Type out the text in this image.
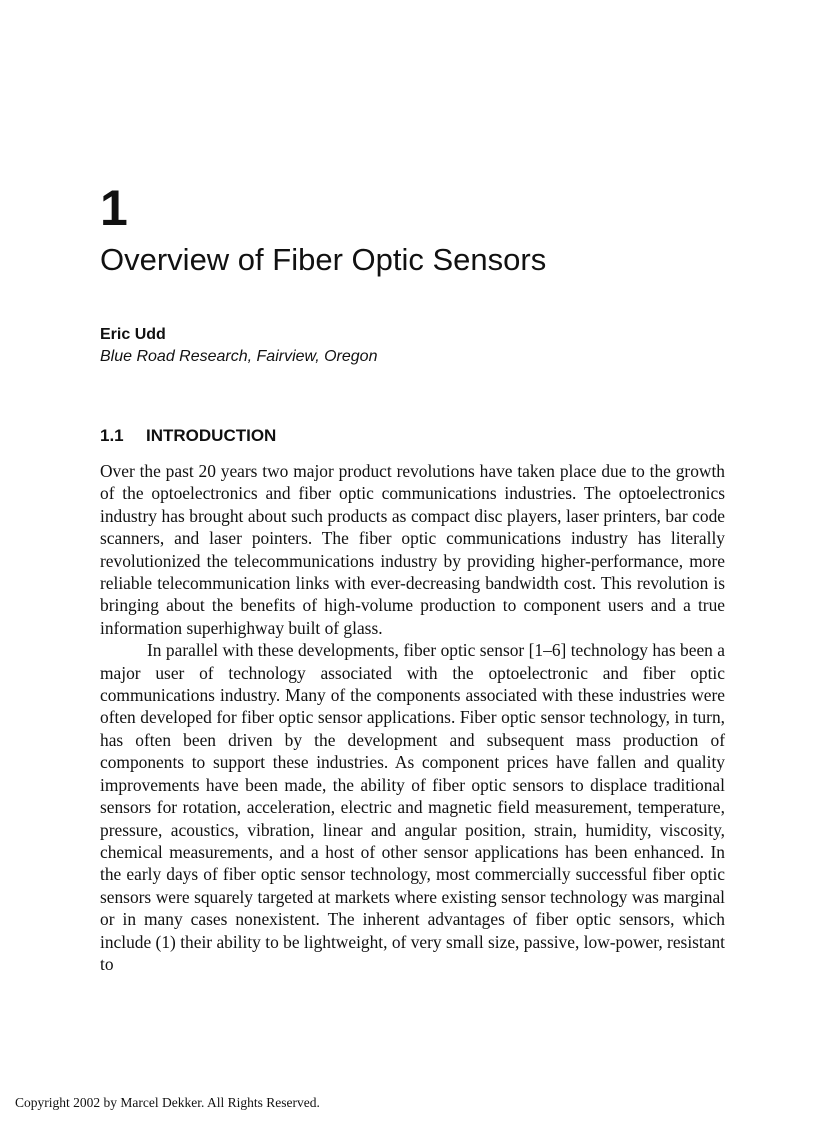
1
Overview of Fiber Optic Sensors
Eric Udd
Blue Road Research, Fairview, Oregon
1.1 INTRODUCTION

Over the past 20 years two major product revolutions have taken place due to the growth of the optoelectronics and fiber optic communications industries. The optoelectronics industry has brought about such products as compact disc players, laser printers, bar code scanners, and laser pointers. The fiber optic communications industry has literally revolutionized the telecommunications industry by providing higher-performance, more reliable telecommunication links with ever-decreasing bandwidth cost. This revolution is bringing about the benefits of high-volume production to component users and a true information superhighway built of glass.

In parallel with these developments, fiber optic sensor [1–6] technology has been a major user of technology associated with the optoelectronic and fiber optic communications industry. Many of the components associated with these industries were often developed for fiber optic sensor applications. Fiber optic sensor technology, in turn, has often been driven by the development and subsequent mass production of components to support these industries. As component prices have fallen and quality improvements have been made, the ability of fiber optic sensors to displace traditional sensors for rotation, acceleration, electric and magnetic field measurement, temperature, pressure, acoustics, vibration, linear and angular position, strain, humidity, viscosity, chemical measurements, and a host of other sensor applications has been enhanced. In the early days of fiber optic sensor technology, most commercially successful fiber optic sensors were squarely targeted at markets where existing sensor technology was marginal or in many cases nonexistent. The inherent advantages of fiber optic sensors, which include (1) their ability to be lightweight, of very small size, passive, low-power, resistant to

Copyright 2002 by Marcel Dekker. All Rights Reserved.
